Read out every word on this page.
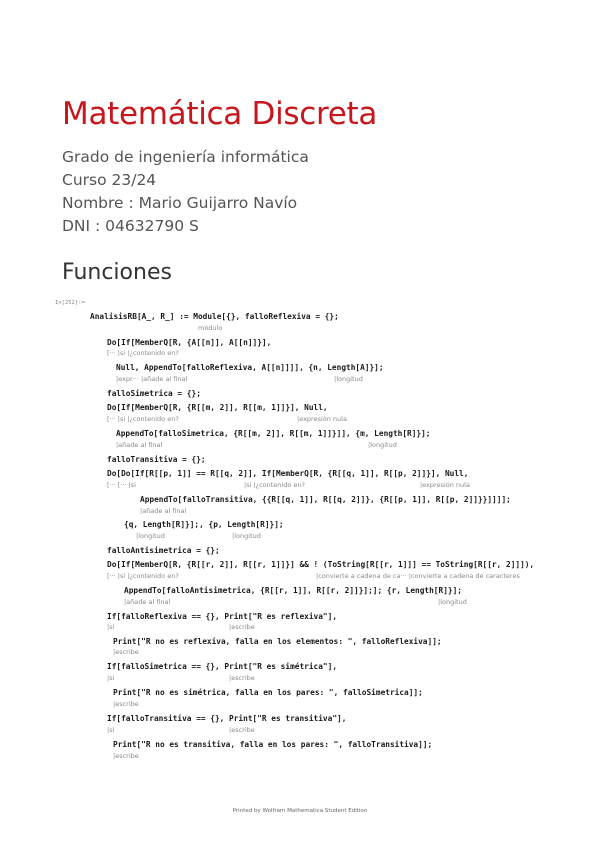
Matemática Discreta
Grado de ingeniería informática
Curso 23/24
Nombre : Mario Guijarro Navío
DNI : 04632790 S
Funciones
In[252]:=
AnalisisRB[A_, R_] := Module[{}, falloReflexiva = {};
módulo
Do[If[MemberQ[R, {A[[n]], A[[n]]}],
[··· |si |¿contenido en?
Null, AppendTo[falloReflexiva, A[[n]]]], {n, Length[A]}];
|expr··· |añade al final	|longitud
falloSimetrica = {};
Do[If[MemberQ[R, {R[[m, 2]], R[[m, 1]]}], Null,
[··· |si |¿contenido en?	|expresión nula
AppendTo[falloSimetrica, {R[[m, 2]], R[[m, 1]]}]], {m, Length[R]}];
|añade al final	|longitud
falloTransitiva = {};
Do[Do[If[R[[p, 1]] == R[[q, 2]], If[MemberQ[R, {R[[q, 1]], R[[p, 2]]}], Null,
[··· [··· |si	|si |¿contenido en?	|expresión nula
AppendTo[falloTransitiva, {{R[[q, 1]], R[[q, 2]]}, {R[[p, 1]], R[[p, 2]]}}]]]];
|añade al final
{q, Length[R]}];, {p, Length[R]}];
|longitud	|longitud
falloAntisimetrica = {};
Do[If[MemberQ[R, {R[[r, 2]], R[[r, 1]]}] && ! (ToString[R[[r, 1]]] == ToString[R[[r, 2]]]),
[··· |si |¿contenido en?	|convierte a cadena de ca··· |convierte a cadena de caracteres
AppendTo[falloAntisimetrica, {R[[r, 1]], R[[r, 2]]}];]; {r, Length[R]}];
|añade al final	|longitud
If[falloReflexiva == {}, Print["R es reflexiva"],
|si	|escribe
Print["R no es reflexiva, falla en los elementos: ", falloReflexiva]];
|escribe
If[falloSimetrica == {}, Print["R es simétrica"],
|si	|escribe
Print["R no es simétrica, falla en los pares: ", falloSimetrica]];
|escribe
If[falloTransitiva == {}, Print["R es transitiva"],
|si	|escribe
Print["R no es transitiva, falla en los pares: ", falloTransitiva]];
|escribe
Printed by Wolfram Mathematica Student Edition
